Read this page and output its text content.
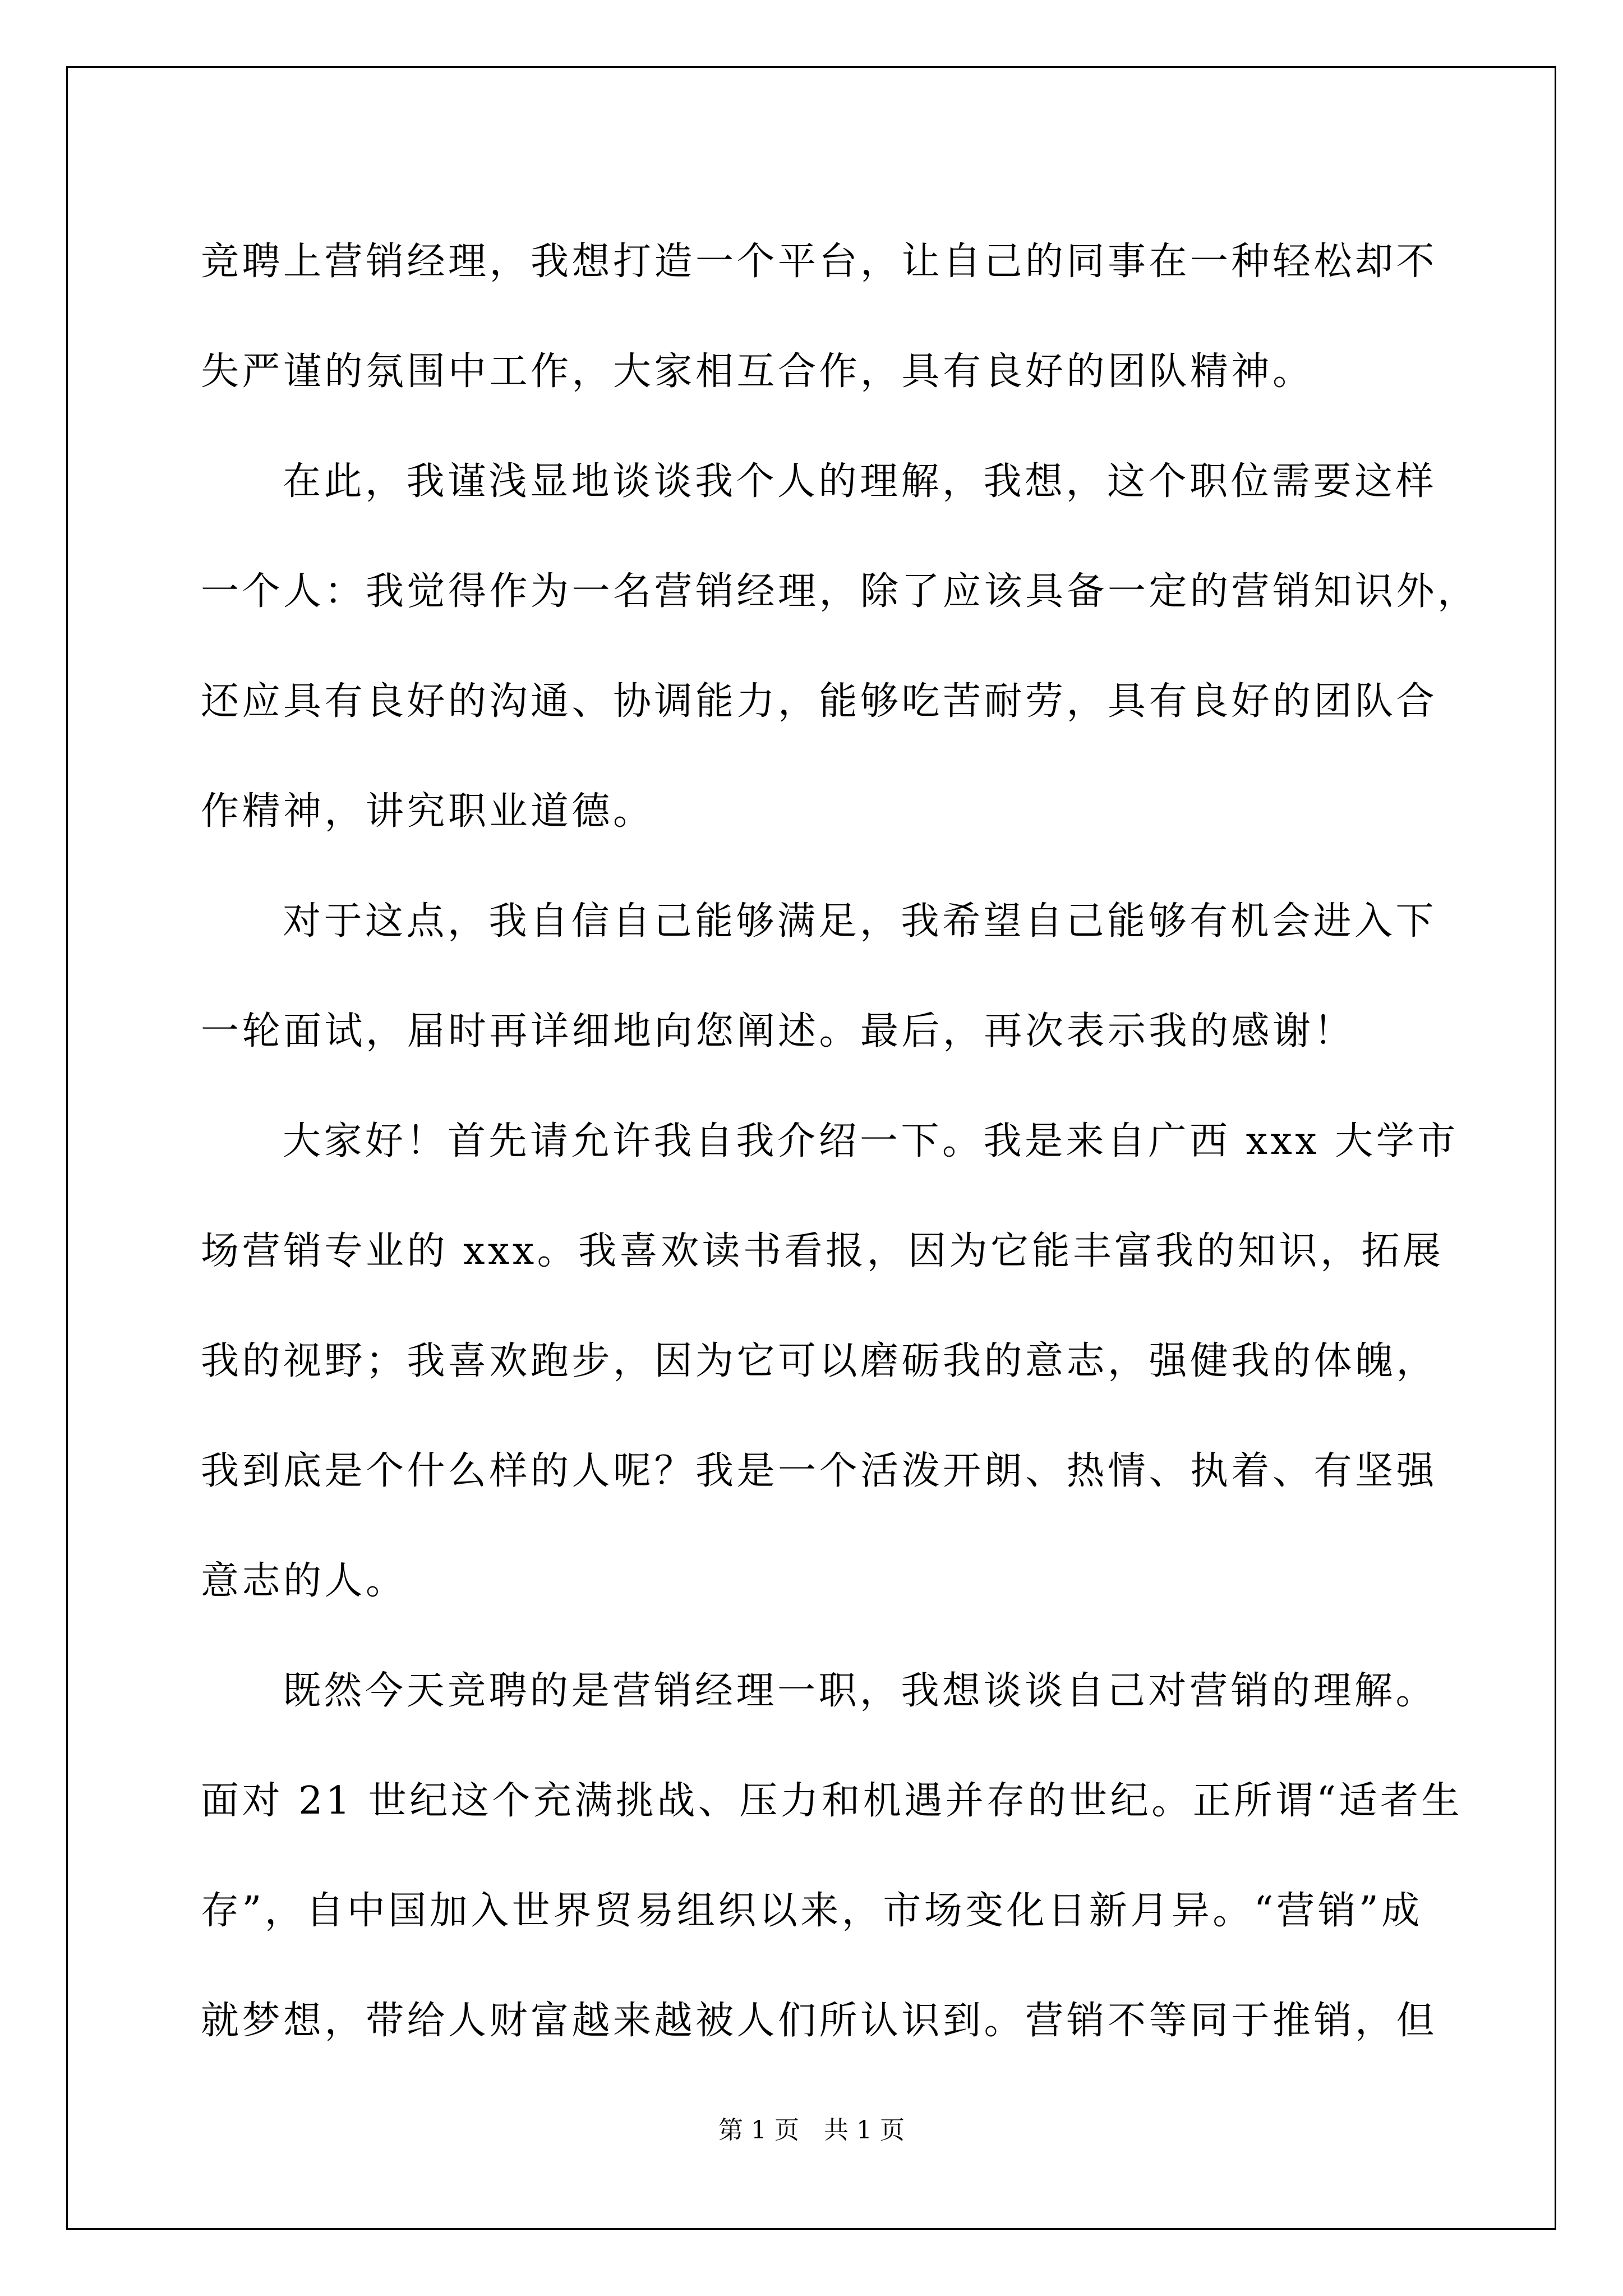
竞聘上营销经理，我想打造一个平台，让自己的同事在一种轻松却不
失严谨的氛围中工作，大家相互合作，具有良好的团队精神。
在此，我谨浅显地谈谈我个人的理解，我想，这个职位需要这样
一个人：我觉得作为一名营销经理，除了应该具备一定的营销知识外，
还应具有良好的沟通、协调能力，能够吃苦耐劳，具有良好的团队合
作精神，讲究职业道德。
对于这点，我自信自己能够满足，我希望自己能够有机会进入下
一轮面试，届时再详细地向您阐述。最后，再次表示我的感谢！
大家好！首先请允许我自我介绍一下。我是来自广西 xxx 大学市
场营销专业的 xxx。我喜欢读书看报，因为它能丰富我的知识，拓展
我的视野；我喜欢跑步，因为它可以磨砺我的意志，强健我的体魄，
我到底是个什么样的人呢？我是一个活泼开朗、热情、执着、有坚强
意志的人。
既然今天竞聘的是营销经理一职，我想谈谈自己对营销的理解。
面对 21 世纪这个充满挑战、压力和机遇并存的世纪。正所谓“适者生
存”，自中国加入世界贸易组织以来，市场变化日新月异。“营销”成
就梦想，带给人财富越来越被人们所认识到。营销不等同于推销，但
第 1 页 共 1 页
